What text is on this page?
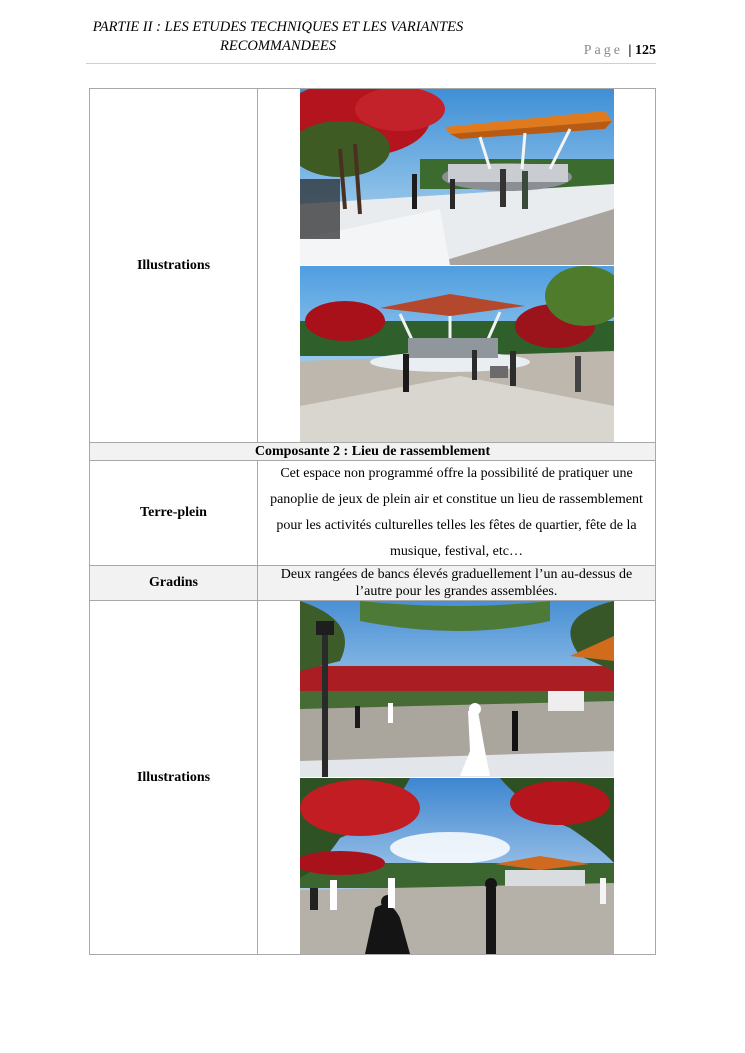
PARTIE II : LES ETUDES TECHNIQUES ET LES VARIANTES
RECOMMANDEES	Page | 125
Illustrations	

Composante 2 : Lieu de rassemblement	
Terre-plein	Cet espace non programmé offre la possibilité de pratiquer une panoplie de jeux de plein air et constitue un lieu de rassemblement pour les activités culturelles telles les fêtes de quartier, fête de la musique, festival, etc…
Gradins	Deux rangées de bancs élevés graduellement l’un au-dessus de l’autre pour les grandes assemblées.
Illustrations	
